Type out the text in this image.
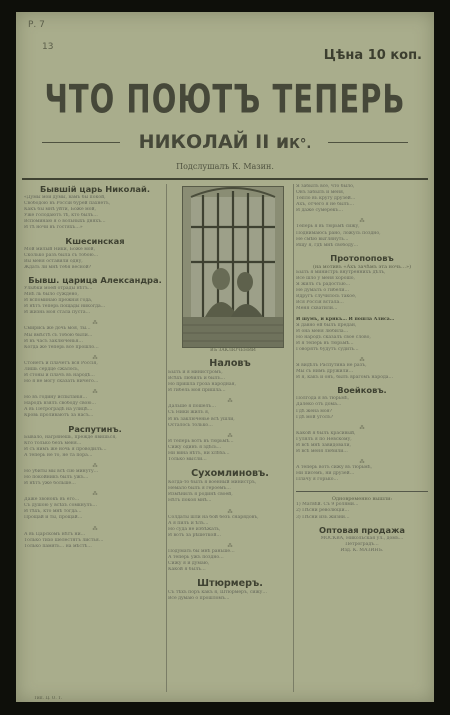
Р. 7
13
Цѣна 10 коп.
ЧТО ПОЮТЪ ТЕПЕРЬ
НИКОЛАЙ II иК°.
Подслушалъ К. Мазин.
Бывшiй царь Николай.
«Думы мои думы, вамъ бы покой,
Свободою въ Россiи бурей пахнетъ,
Какъ бы мнѣ уйти, Боже мой,
Уже голодаютъ тѣ, кто былъ…
Вспоминаю я о вольныхъ дняхъ…
И тѣ ночи въ гостяхъ…»
Кшесинская
Мой милый Ники, Боже мой,
Сколько разъ была съ тобою…
Вы меня оставили одну,
Ждать ли мнѣ тебя весной?
Бывш. царица Александра.
Улыбки моей отрады нѣтъ…
Мнѣ ль было суждено,
И вспоминаю прежнія года,
И нѣтъ теперь пощады никогда…
И жизнь моя стала пуста…
⁂
Смирись же дочь моя, ты…
Мы вмѣстѣ съ тобою были…
И въ часъ заключенья…
Когда же теперь всё прошло…
⁂
Стонетъ и плачетъ вся Россiя,
Лишь сердце сжалось,
И стоны и плачъ въ народѣ…
Но я не могу сказать ничего…
⁂
Но въ годину испытанiя…
Народъ взялъ свободу свою…
А въ Петроградѣ на улицѣ…
Кровь проливаютъ за насъ…
Распутинъ.
Бывало, нагрянешь, прежде явишься,
Кто только безъ меня…
И съ нимъ же ночь я проводилъ…
А теперь не то, не та пора…
⁂
Но убиты мы всѣ сiю минуту…
Но покойникъ былъ ужъ…
И нѣтъ уже больше…
⁂
Даже звонокъ въ его…
Съ душою у всѣхъ сомкнулъ…
И тѣхъ, кто мнѣ тогда…
Прощай и ты, прощай…
⁂
А въ Царскомъ нѣтъ ни…
Только тихо шелестятъ листья…
Только память… на мѣстѣ…
ВЪ ЗАКЛЮЧЕНИИ
Наловъ
Былъ и я министромъ,
Всѣхъ любилъ и былъ…
Но пришла гроза народная,
И гибель моя пришла…
⁂
Дальше я пошелъ…
Съ Ники жилъ я,
И въ заключенье всѣ ушли,
Осталось только…
⁂
И теперь вотъ въ тюрьмѣ…
Сижу одинъ я здѣсь…
Ни вина нѣтъ, ни хлѣба…
Только мысли…
Сухомлиновъ.
Когда-то былъ я военный министръ,
Немало былъ я героемъ…
Измѣнилъ я родинѣ своей,
Нѣтъ покоя мнѣ…
⁂
Солдаты шли на бой безъ снарядовъ,
А я пилъ и ѣлъ…
Но суда не избѣжать,
И вотъ за рѣшеткой…
⁂
Подумать бы мнѣ раньше…
А теперь ужъ поздно…
Сижу я и думаю,
Какой я былъ…
Штюрмеръ.
Съ тѣхъ поръ какъ я, Штюрмеръ, сижу…
Всё думаю о прошломъ…
Я забылъ всё, что было,
Онъ забылъ и меня,
Тепло въ кругу друзей…
Ахъ, отчего я не былъ…
И даже сумерекъ…
⁂
Теперь я въ тюрьмѣ сижу,
Поднимаюсь рано, ложусь поздно,
Не смѣю выглянуть…
Ищу я, гдѣ мнѣ свободу…
Протопоповъ
(на мотивъ «Ахъ зачѣмъ эта ночь…»)
Былъ я министръ внутреннихъ дѣлъ,
Все шло у меня хорошо,
Я жилъ съ радостью…
Не думалъ о гибели…
Вдругъ случилось такое,
Вся Россiя встала…
Меня схватили…
И шумъ, и крикъ… И пошла Алиса…
Я давно ей былъ предан,
И она меня любила…
Но народъ сказалъ своё слово,
И я теперь въ тюрьмѣ…
Говорятъ будутъ судить…
⁂
Я видѣлъ Распутина не разъ,
Мы съ нимъ дружили…
И я, какъ и онъ, былъ врагомъ народа…
Воейковъ.
Полгода я въ тюрьмѣ,
Далеко отъ дома…
Гдѣ жена моя?
Гдѣ мой уголъ?
⁂
Какой я былъ красивый,
Гулялъ я по Невскому,
И всѣ мнѣ завидовали,
И всѣ меня любили…
⁂
А теперь вотъ сижу въ тюрьмѣ,
Ни писемъ, ни друзей…
Плачу я горько…
Одновременно вышли:
1) Матвѣй. Съ 9 ролями…
2) Пѣсни революціи…
3) Пѣсни изъ жизни…
Оптовая продажа
МОСКВА, Никольская ул., домъ…
Петроградъ…
Изд. К. МАЗИНЪ.
Тип. Ц. О. Т.
